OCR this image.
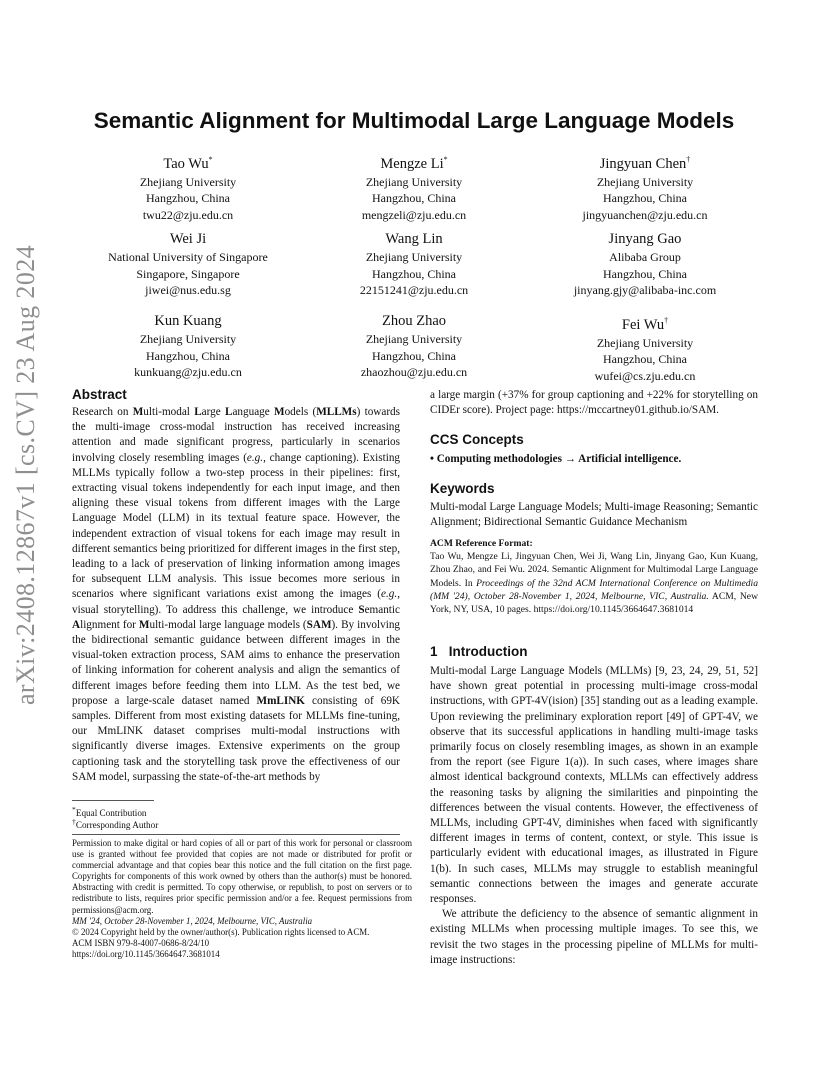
arXiv:2408.12867v1 [cs.CV] 23 Aug 2024
Semantic Alignment for Multimodal Large Language Models
Tao Wu*
Zhejiang University
Hangzhou, China
twu22@zju.edu.cn
Mengze Li*
Zhejiang University
Hangzhou, China
mengzeli@zju.edu.cn
Jingyuan Chen†
Zhejiang University
Hangzhou, China
jingyuanchen@zju.edu.cn
Wei Ji
National University of Singapore
Singapore, Singapore
jiwei@nus.edu.sg
Wang Lin
Zhejiang University
Hangzhou, China
22151241@zju.edu.cn
Jinyang Gao
Alibaba Group
Hangzhou, China
jinyang.gjy@alibaba-inc.com
Kun Kuang
Zhejiang University
Hangzhou, China
kunkuang@zju.edu.cn
Zhou Zhao
Zhejiang University
Hangzhou, China
zhaozhou@zju.edu.cn
Fei Wu†
Zhejiang University
Hangzhou, China
wufei@cs.zju.edu.cn
Abstract

Research on Multi-modal Large Language Models (MLLMs) towards the multi-image cross-modal instruction has received increasing attention and made significant progress, particularly in scenarios involving closely resembling images (e.g., change captioning). Existing MLLMs typically follow a two-step process in their pipelines: first, extracting visual tokens independently for each input image, and then aligning these visual tokens from different images with the Large Language Model (LLM) in its textual feature space. However, the independent extraction of visual tokens for each image may result in different semantics being prioritized for different images in the first step, leading to a lack of preservation of linking information among images for subsequent LLM analysis. This issue becomes more serious in scenarios where significant variations exist among the images (e.g., visual storytelling). To address this challenge, we introduce Semantic Alignment for Multi-modal large language models (SAM). By involving the bidirectional semantic guidance between different images in the visual-token extraction process, SAM aims to enhance the preservation of linking information for coherent analysis and align the semantics of different images before feeding them into LLM. As the test bed, we propose a large-scale dataset named MmLINK consisting of 69K samples. Different from most existing datasets for MLLMs fine-tuning, our MmLINK dataset comprises multi-modal instructions with significantly diverse images. Extensive experiments on the group captioning task and the storytelling task prove the effectiveness of our SAM model, surpassing the state-of-the-art methods by

*Equal Contribution
†Corresponding Author

Permission to make digital or hard copies of all or part of this work for personal or classroom use is granted without fee provided that copies are not made or distributed for profit or commercial advantage and that copies bear this notice and the full citation on the first page. Copyrights for components of this work owned by others than the author(s) must be honored. Abstracting with credit is permitted. To copy otherwise, or republish, to post on servers or to redistribute to lists, requires prior specific permission and/or a fee. Request permissions from permissions@acm.org.

MM '24, October 28-November 1, 2024, Melbourne, VIC, Australia

© 2024 Copyright held by the owner/author(s). Publication rights licensed to ACM.

ACM ISBN 979-8-4007-0686-8/24/10

https://doi.org/10.1145/3664647.3681014

a large margin (+37% for group captioning and +22% for storytelling on CIDEr score). Project page: https://mccartney01.github.io/SAM.

CCS Concepts
• Computing methodologies → Artificial intelligence.
Keywords
Multi-modal Large Language Models; Multi-image Reasoning; Semantic Alignment; Bidirectional Semantic Guidance Mechanism

ACM Reference Format:

Tao Wu, Mengze Li, Jingyuan Chen, Wei Ji, Wang Lin, Jinyang Gao, Kun Kuang, Zhou Zhao, and Fei Wu. 2024. Semantic Alignment for Multimodal Large Language Models. In Proceedings of the 32nd ACM International Conference on Multimedia (MM '24), October 28-November 1, 2024, Melbourne, VIC, Australia. ACM, New York, NY, USA, 10 pages. https://doi.org/10.1145/3664647.3681014

1   Introduction

Multi-modal Large Language Models (MLLMs) [9, 23, 24, 29, 51, 52] have shown great potential in processing multi-image cross-modal instructions, with GPT-4V(ision) [35] standing out as a leading example. Upon reviewing the preliminary exploration report [49] of GPT-4V, we observe that its successful applications in handling multi-image tasks primarily focus on closely resembling images, as shown in an example from the report (see Figure 1(a)). In such cases, where images share almost identical background contexts, MLLMs can effectively address the reasoning tasks by aligning the similarities and pinpointing the differences between the visual contents. However, the effectiveness of MLLMs, including GPT-4V, diminishes when faced with significantly different images in terms of content, context, or style. This issue is particularly evident with educational images, as illustrated in Figure 1(b). In such cases, MLLMs may struggle to establish meaningful semantic connections between the images and generate accurate responses.

We attribute the deficiency to the absence of semantic alignment in existing MLLMs when processing multiple images. To see this, we revisit the two stages in the processing pipeline of MLLMs for multi-image instructions:
